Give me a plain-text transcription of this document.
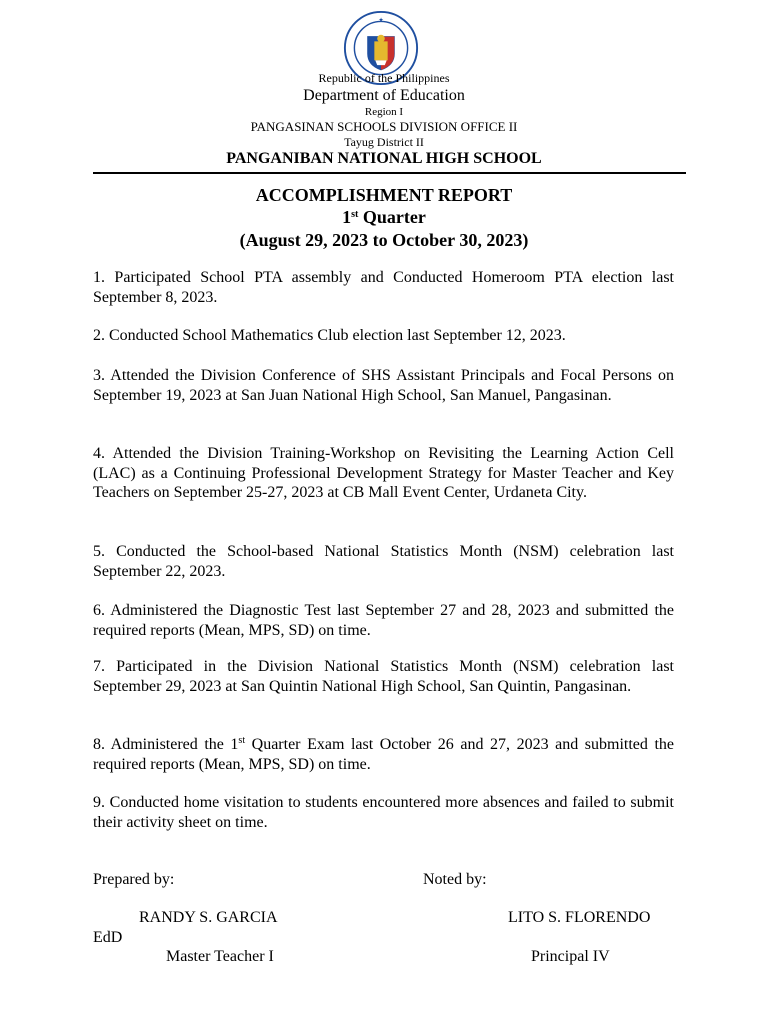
★
Republic of the Philippines
Department of Education
Region I
PANGASINAN SCHOOLS DIVISION OFFICE II
Tayug District II
PANGANIBAN NATIONAL HIGH SCHOOL
ACCOMPLISHMENT REPORT
1st Quarter
(August 29, 2023 to October 30, 2023)
1. Participated School PTA assembly and Conducted Homeroom PTA election last September 8, 2023.
2. Conducted School Mathematics Club election last September 12, 2023.
3. Attended the Division Conference of SHS Assistant Principals and Focal Persons on September 19, 2023 at San Juan National High School, San Manuel, Pangasinan.
4. Attended the Division Training-Workshop on Revisiting the Learning Action Cell (LAC) as a Continuing Professional Development Strategy for Master Teacher and Key Teachers on September 25-27, 2023 at CB Mall Event Center, Urdaneta City.
5. Conducted the School-based National Statistics Month (NSM) celebration last September 22, 2023.
6. Administered the Diagnostic Test last September 27 and 28, 2023 and submitted the required reports (Mean, MPS, SD) on time.
7. Participated in the Division National Statistics Month (NSM) celebration last September 29, 2023 at San Quintin National High School, San Quintin, Pangasinan.
8. Administered the 1st Quarter Exam last October 26 and 27, 2023 and submitted the required reports (Mean, MPS, SD) on time.
9. Conducted home visitation to students encountered more absences and failed to submit their activity sheet on time.
Prepared by:	Noted by:
RANDY S. GARCIA
EdD
LITO S. FLORENDO
Master Teacher I	Principal IV
